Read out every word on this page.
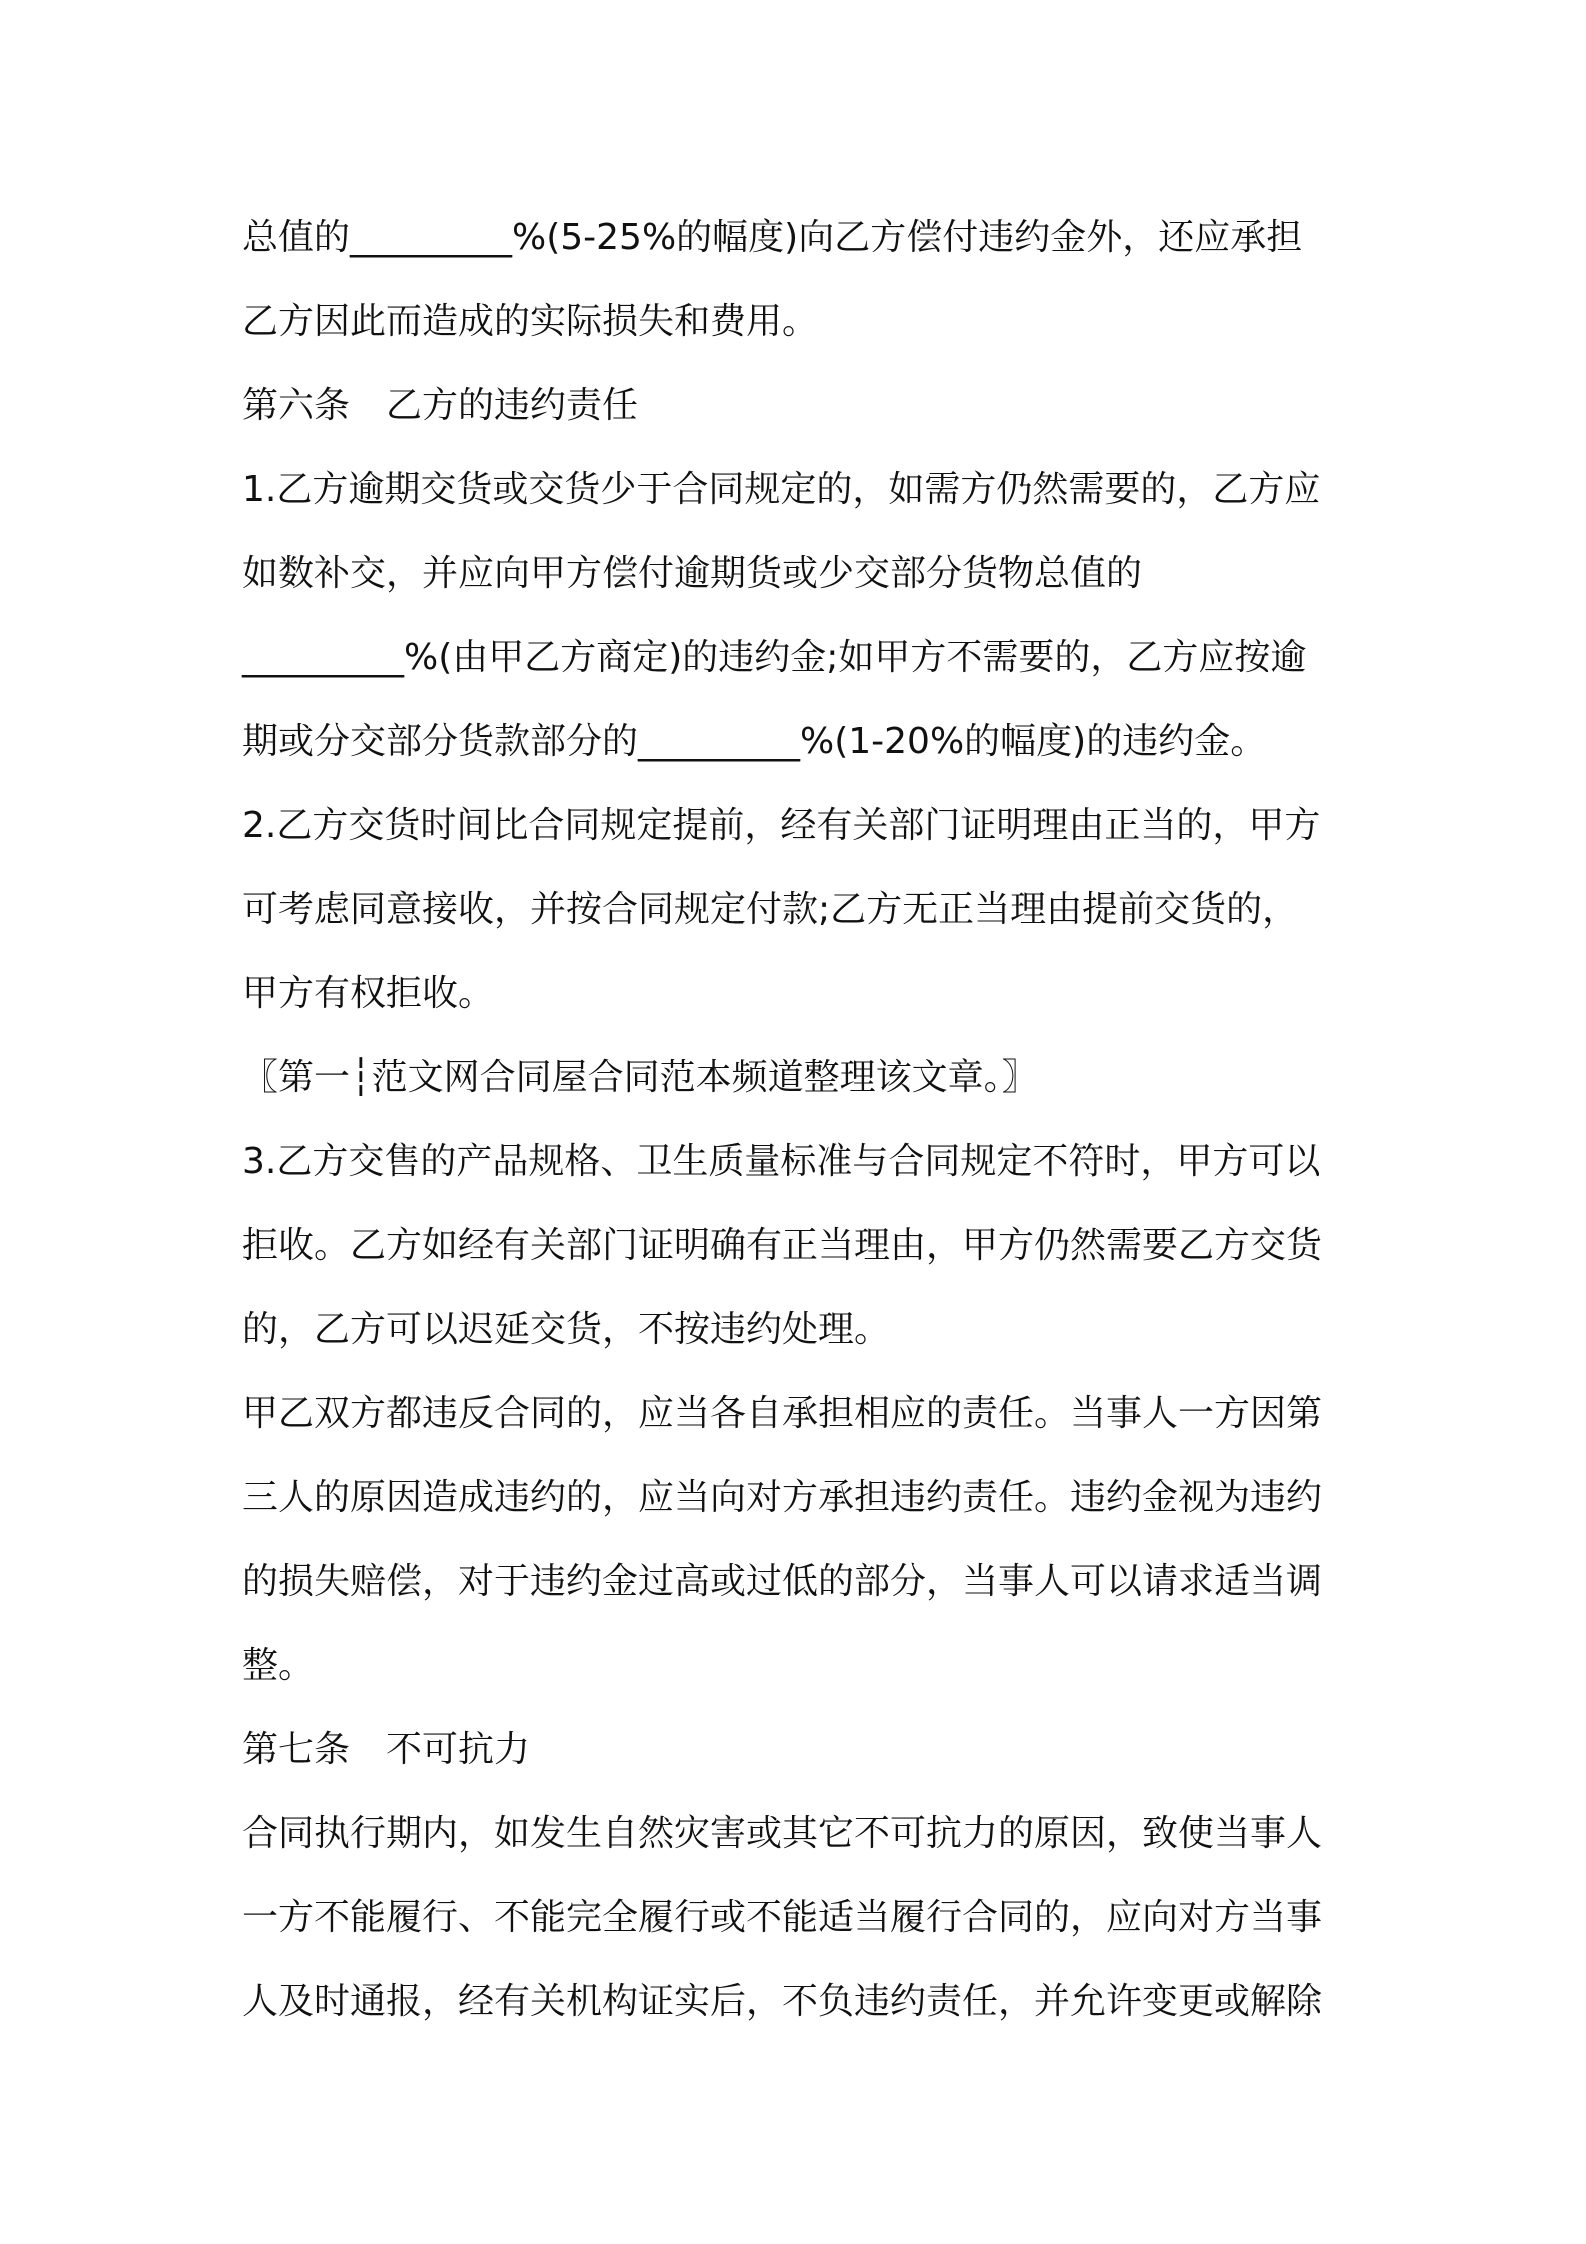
总值的_________%(5-25%的幅度)向乙方偿付违约金外，还应承担
乙方因此而造成的实际损失和费用。
第六条　乙方的违约责任
1.乙方逾期交货或交货少于合同规定的，如需方仍然需要的，乙方应
如数补交，并应向甲方偿付逾期货或少交部分货物总值的
_________%(由甲乙方商定)的违约金;如甲方不需要的，乙方应按逾
期或分交部分货款部分的_________%(1-20%的幅度)的违约金。
2.乙方交货时间比合同规定提前，经有关部门证明理由正当的，甲方
可考虑同意接收，并按合同规定付款;乙方无正当理由提前交货的，
甲方有权拒收。
〖第一┆范文网合同屋合同范本频道整理该文章。〗
3.乙方交售的产品规格、卫生质量标准与合同规定不符时，甲方可以
拒收。乙方如经有关部门证明确有正当理由，甲方仍然需要乙方交货
的，乙方可以迟延交货，不按违约处理。
甲乙双方都违反合同的，应当各自承担相应的责任。当事人一方因第
三人的原因造成违约的，应当向对方承担违约责任。违约金视为违约
的损失赔偿，对于违约金过高或过低的部分，当事人可以请求适当调
整。
第七条　不可抗力
合同执行期内，如发生自然灾害或其它不可抗力的原因，致使当事人
一方不能履行、不能完全履行或不能适当履行合同的，应向对方当事
人及时通报，经有关机构证实后，不负违约责任，并允许变更或解除
